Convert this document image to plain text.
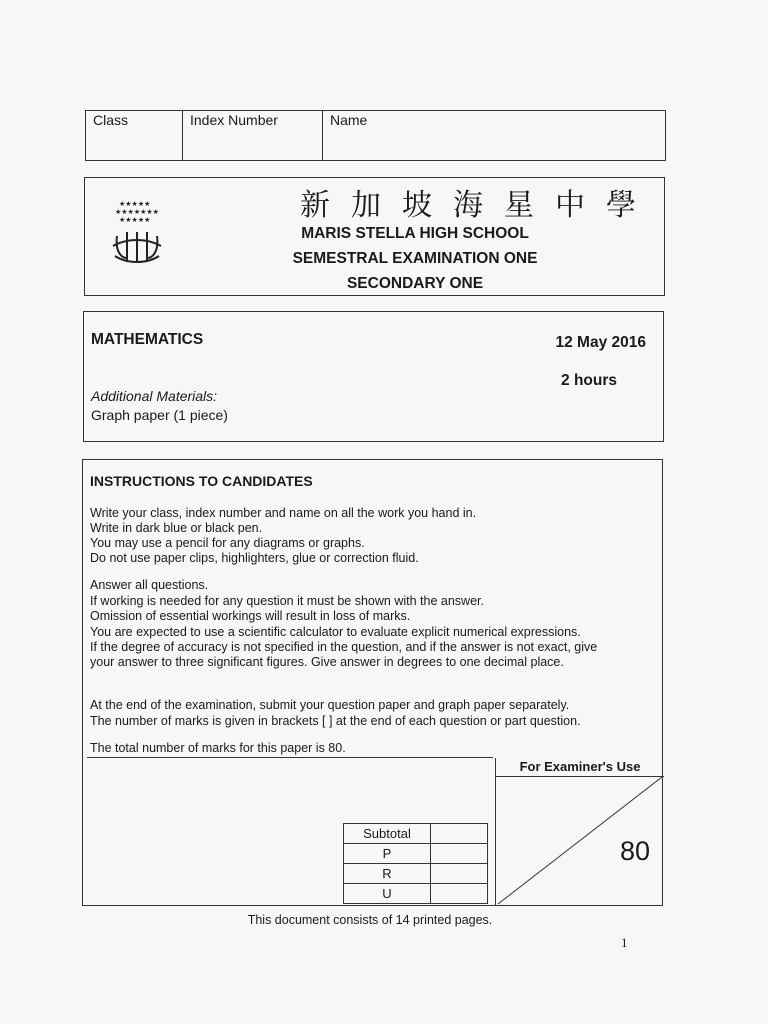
Class	Index Number	Name
★★★★★
★★★★★★★
★★★★★	新加坡海星中學
MARIS STELLA HIGH SCHOOL
SEMESTRAL EXAMINATION ONE
SECONDARY ONE
MATHEMATICS	12 May 2016
2 hours
Additional Materials:
Graph paper (1 piece)
INSTRUCTIONS TO CANDIDATES
Write your class, index number and name on all the work you hand in.
Write in dark blue or black pen.
You may use a pencil for any diagrams or graphs.
Do not use paper clips, highlighters, glue or correction fluid.
Answer all questions.
If working is needed for any question it must be shown with the answer.
Omission of essential workings will result in loss of marks.
You are expected to use a scientific calculator to evaluate explicit numerical expressions.
If the degree of accuracy is not specified in the question, and if the answer is not exact, give
your answer to three significant figures. Give answer in degrees to one decimal place.
At the end of the examination, submit your question paper and graph paper separately.
The number of marks is given in brackets [ ] at the end of each question or part question.
The total number of marks for this paper is 80.
Subtotal	
P	
R	
U	
For Examiner's Use
80
This document consists of 14 printed pages.
1
